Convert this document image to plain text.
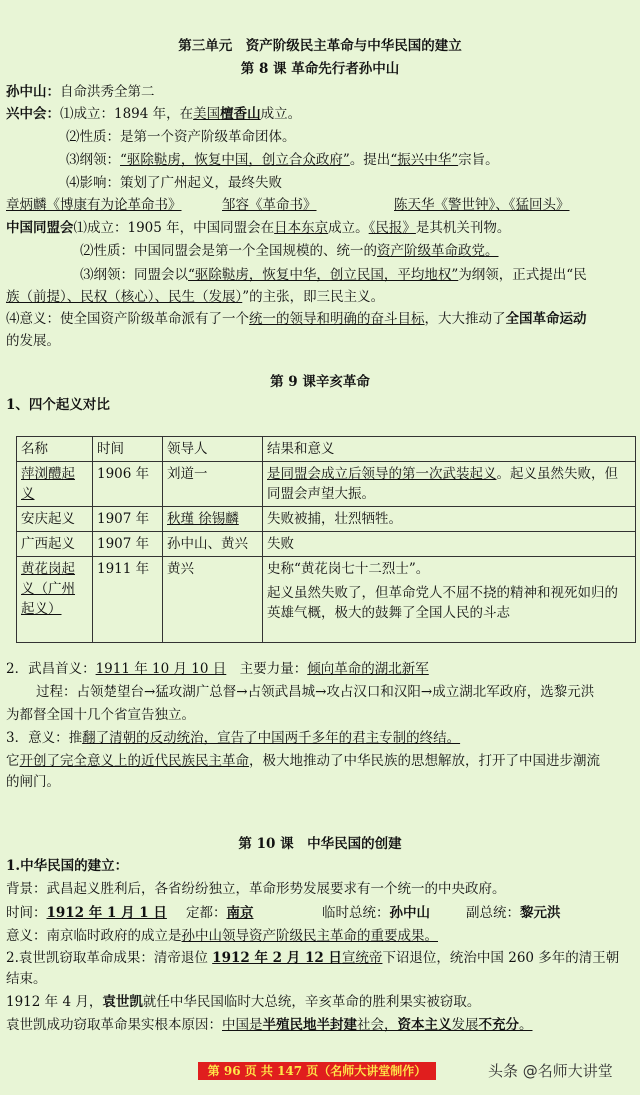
第三单元　资产阶级民主革命与中华民国的建立
第 8 课 革命先行者孙中山
孙中山：自命洪秀全第二
兴中会：⑴成立：1894 年，在美国檀香山成立。
⑵性质：是第一个资产阶级革命团体。
⑶纲领：“驱除鞑虏，恢复中国，创立合众政府”。提出“振兴中华”宗旨。
⑷影响：策划了广州起义，最终失败
章炳麟《博康有为论革命书》	邹容《革命书》	陈天华《警世钟》、《猛回头》
中国同盟会⑴成立：1905 年，中国同盟会在日本东京成立。《民报》是其机关刊物。
⑵性质：中国同盟会是第一个全国规模的、统一的资产阶级革命政党。
⑶纲领：同盟会以“驱除鞑虏，恢复中华，创立民国，平均地权”为纲领，正式提出“民
族（前提）、民权（核心）、民生（发展）”的主张，即三民主义。
⑷意义：使全国资产阶级革命派有了一个统一的领导和明确的奋斗目标，大大推动了全国革命运动
的发展。
第 9 课辛亥革命
1、四个起义对比
名称	时间	领导人	结果和意义
萍浏醴起义	1906 年	刘道一	是同盟会成立后领导的第一次武装起义。起义虽然失败，但同盟会声望大振。
安庆起义	1907 年	秋瑾 徐锡麟	失败被捕，壮烈牺牲。
广西起义	1907 年	孙中山、黄兴	失败
黄花岗起义（广州起义）	1911 年	黄兴	史称“黄花岗七十二烈士”。
起义虽然失败了，但革命党人不屈不挠的精神和视死如归的英雄气概，极大的鼓舞了全国人民的斗志
2．武昌首义：1911 年 10 月 10 日　主要力量：倾向革命的湖北新军
过程：占领楚望台→猛攻湖广总督→占领武昌城→攻占汉口和汉阳→成立湖北军政府，选黎元洪
为都督全国十几个省宣告独立。
3．意义：推翻了清朝的反动统治，宣告了中国两千多年的君主专制的终结。
它开创了完全意义上的近代民族民主革命，极大地推动了中华民族的思想解放，打开了中国进步潮流
的闸门。
第 10 课　中华民国的创建
1.中华民国的建立：
背景：武昌起义胜利后，各省纷纷独立，革命形势发展要求有一个统一的中央政府。
时间：1912 年 1 月 1 日 定都：南京	临时总统：孙中山	副总统：黎元洪
意义：南京临时政府的成立是孙中山领导资产阶级民主革命的重要成果。
2.袁世凯窃取革命成果：清帝退位 1912 年 2 月 12 日宣统帝下诏退位，统治中国 260 多年的清王朝
结束。
1912 年 4 月，袁世凯就任中华民国临时大总统，辛亥革命的胜利果实被窃取。
袁世凯成功窃取革命果实根本原因：中国是半殖民地半封建社会，资本主义发展不充分。
第 96 页 共 147 页（名师大讲堂制作）	头条 @名师大讲堂
